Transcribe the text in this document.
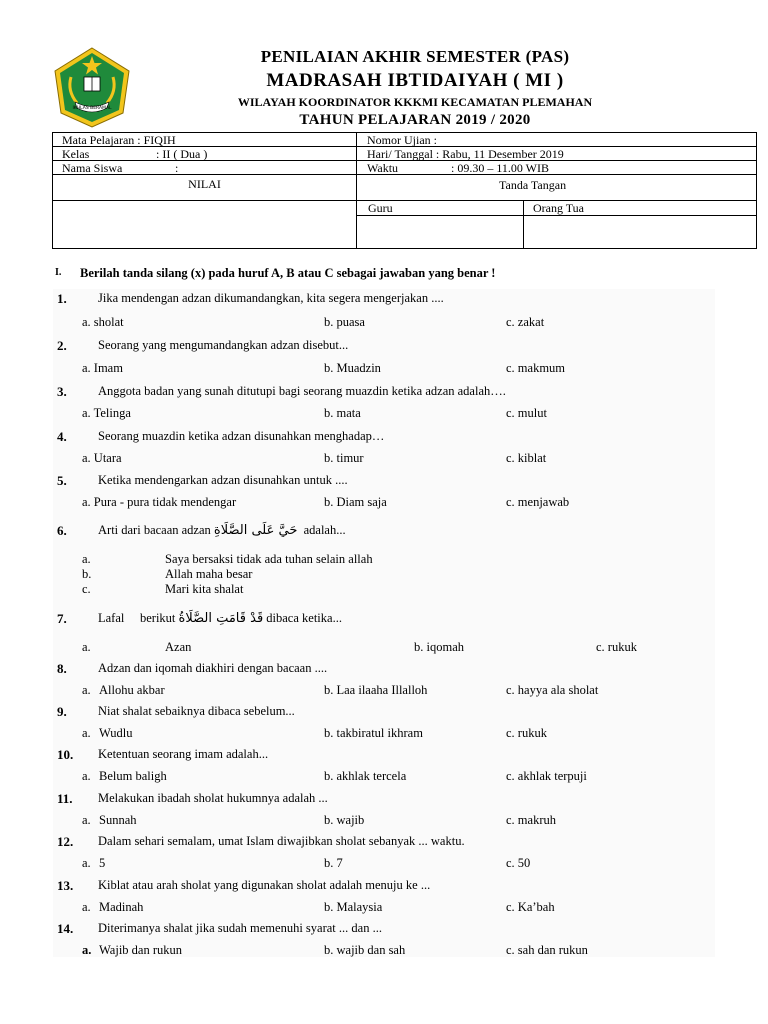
IKHLAS BERAMAL
PENILAIAN AKHIR SEMESTER (PAS)
MADRASAH IBTIDAIYAH ( MI )
WILAYAH KOORDINATOR KKKMI KECAMATAN PLEMAHAN
TAHUN PELAJARAN 2019 / 2020
Mata Pelajaran : FIQIH
Kelas	: II ( Dua )
Nama Siswa	:
NILAI
Nomor Ujian :
Hari/ Tanggal : Rabu, 11 Desember 2019
Waktu	: 09.30 – 11.00 WIB
Tanda Tangan
Guru	Orang Tua
I. Berilah tanda silang (x) pada huruf A, B atau C sebagai jawaban yang benar !
1.	Jika mendengan adzan dikumandangkan, kita segera mengerjakan ....
a. sholat	b. puasa	c. zakat
2.	Seorang yang mengumandangkan adzan disebut...
a. Imam	b. Muadzin	c. makmum
3.	Anggota badan yang sunah ditutupi bagi seorang muazdin ketika adzan adalah….
a. Telinga	b. mata	c. mulut
4.	Seorang muazdin ketika adzan disunahkan menghadap…
a. Utara	b. timur	c. kiblat
5.	Ketika mendengarkan adzan disunahkan untuk ....
a. Pura - pura tidak mendengar	b. Diam saja	c. menjawab
6.	Arti dari bacaan adzan حَيَّ عَلَى الصَّلَاةِ adalah...
a.	Saya bersaksi tidak ada tuhan selain allah
b.	Allah maha besar
c.	Mari kita shalat
7.	Lafal     berikut قَدْ قَامَتِ الصَّلَاةُ dibaca ketika...
a.	Azan	b. iqomah	c. rukuk
8.	Adzan dan iqomah diakhiri dengan bacaan ....
a. Allohu akbar	b. Laa ilaaha Illalloh	c. hayya ala sholat
9.	Niat shalat sebaiknya dibaca sebelum...
a. Wudlu	b. takbiratul ikhram	c. rukuk
10. Ketentuan seorang imam adalah...
a. Belum baligh	b. akhlak tercela	c. akhlak terpuji
11. Melakukan ibadah sholat hukumnya adalah ...
a. Sunnah	b. wajib	c. makruh
12. Dalam sehari semalam, umat Islam diwajibkan sholat sebanyak ... waktu.
a. 5	b. 7	c. 50
13. Kiblat atau arah sholat yang digunakan sholat adalah menuju ke ...
a. Madinah	b. Malaysia	c. Ka’bah
14. Diterimanya shalat jika sudah memenuhi syarat ... dan ...
a. Wajib dan rukun	b. wajib dan sah	c. sah dan rukun
